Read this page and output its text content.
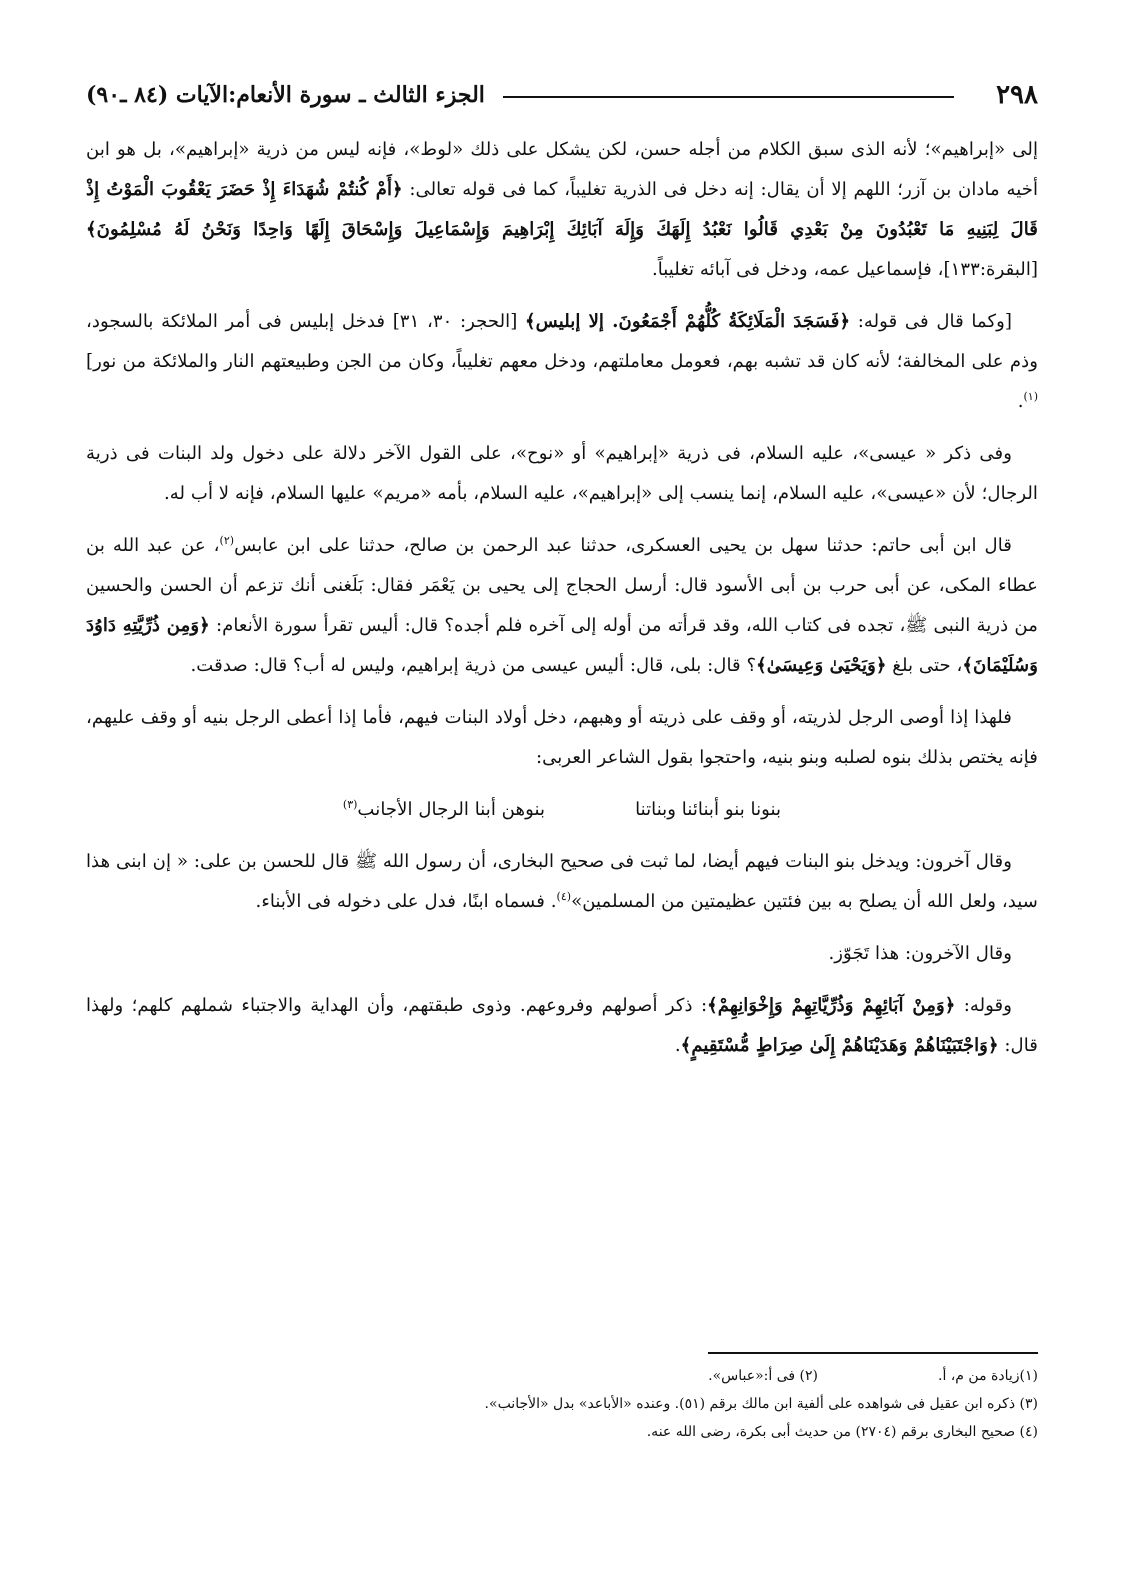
٢٩٨
الجزء الثالث ـ سورة الأنعام:الآيات (٨٤ ـ٩٠)

إلى «إبراهيم»؛ لأنه الذى سبق الكلام من أجله حسن، لكن يشكل على ذلك «لوط»، فإنه ليس من ذرية «إبراهيم»، بل هو ابن أخيه مادان بن آزر؛ اللهم إلا أن يقال: إنه دخل فى الذرية تغليباً، كما فى قوله تعالى: ﴿أَمْ كُنتُمْ شُهَدَاءَ إِذْ حَضَرَ يَعْقُوبَ الْمَوْتُ إِذْ قَالَ لِبَنِيهِ مَا تَعْبُدُونَ مِنْ بَعْدِي قَالُوا نَعْبُدُ إِلَهَكَ وَإِلَهَ آبَائِكَ إِبْرَاهِيمَ وَإِسْمَاعِيلَ وَإِسْحَاقَ إِلَهًا وَاحِدًا وَنَحْنُ لَهُ مُسْلِمُونَ﴾ [البقرة:١٣٣]، فإسماعيل عمه، ودخل فى آبائه تغليباً.

[وكما قال فى قوله: ﴿فَسَجَدَ الْمَلَائِكَةُ كُلُّهُمْ أَجْمَعُونَ. إلا إبليس﴾ [الحجر: ٣٠، ٣١] فدخل إبليس فى أمر الملائكة بالسجود، وذم على المخالفة؛ لأنه كان قد تشبه بهم، فعومل معاملتهم، ودخل معهم تغليباً، وكان من الجن وطبيعتهم النار والملائكة من نور]$^{(١)}$.

وفى ذكر « عيسى»، عليه السلام، فى ذرية «إبراهيم» أو «نوح»، على القول الآخر دلالة على دخول ولد البنات فى ذرية الرجال؛ لأن «عيسى»، عليه السلام، إنما ينسب إلى «إبراهيم»، عليه السلام، بأمه «مريم» عليها السلام، فإنه لا أب له.

قال ابن أبى حاتم: حدثنا سهل بن يحيى العسكرى، حدثنا عبد الرحمن بن صالح، حدثنا على ابن عابس$^{(٢)}$، عن عبد الله بن عطاء المكى، عن أبى حرب بن أبى الأسود قال: أرسل الحجاج إلى يحيى بن يَعْمَر فقال: بَلَغنى أنك تزعم أن الحسن والحسين من ذرية النبى ﷺ، تجده فى كتاب الله، وقد قرأته من أوله إلى آخره فلم أجده؟ قال: أليس تقرأ سورة الأنعام: ﴿وَمِن ذُرِّيَّتِهِ دَاوُدَ وَسُلَيْمَانَ﴾، حتى بلغ ﴿وَيَحْيَىٰ وَعِيسَىٰ﴾؟ قال: بلى، قال: أليس عيسى من ذرية إبراهيم، وليس له أب؟ قال: صدقت.

فلهذا إذا أوصى الرجل لذريته، أو وقف على ذريته أو وهبهم، دخل أولاد البنات فيهم، فأما إذا أعطى الرجل بنيه أو وقف عليهم، فإنه يختص بذلك بنوه لصلبه وبنو بنيه، واحتجوا بقول الشاعر العربى:

بنونا بنو أبنائنا وبناتنا
بنوهن أبنا الرجال الأجانب$^{(٣)}$

وقال آخرون: ويدخل بنو البنات فيهم أيضا، لما ثبت فى صحيح البخارى، أن رسول الله ﷺ قال للحسن بن على: « إن ابنى هذا سيد، ولعل الله أن يصلح به بين فئتين عظيمتين من المسلمين»$^{(٤)}$. فسماه ابنًا، فدل على دخوله فى الأبناء.

وقال الآخرون: هذا تَجَوّز.

وقوله: ﴿وَمِنْ آبَائِهِمْ وَذُرِّيَّاتِهِمْ وَإِخْوَانِهِمْ﴾: ذكر أصولهم وفروعهم. وذوى طبقتهم، وأن الهداية والاجتباء شملهم كلهم؛ ولهذا قال: ﴿وَاجْتَبَيْنَاهُمْ وَهَدَيْنَاهُمْ إِلَىٰ صِرَاطٍ مُّسْتَقِيمٍ﴾.

(١)زيادة من م، أ.
(٢) فى أ:«عباس».
(٣) ذكره ابن عقيل فى شواهده على ألفية ابن مالك برقم (٥١). وعنده «الأباعد» بدل «الأجانب».
(٤) صحيح البخارى برقم (٢٧٠٤) من حديث أبى بكرة، رضى الله عنه.
